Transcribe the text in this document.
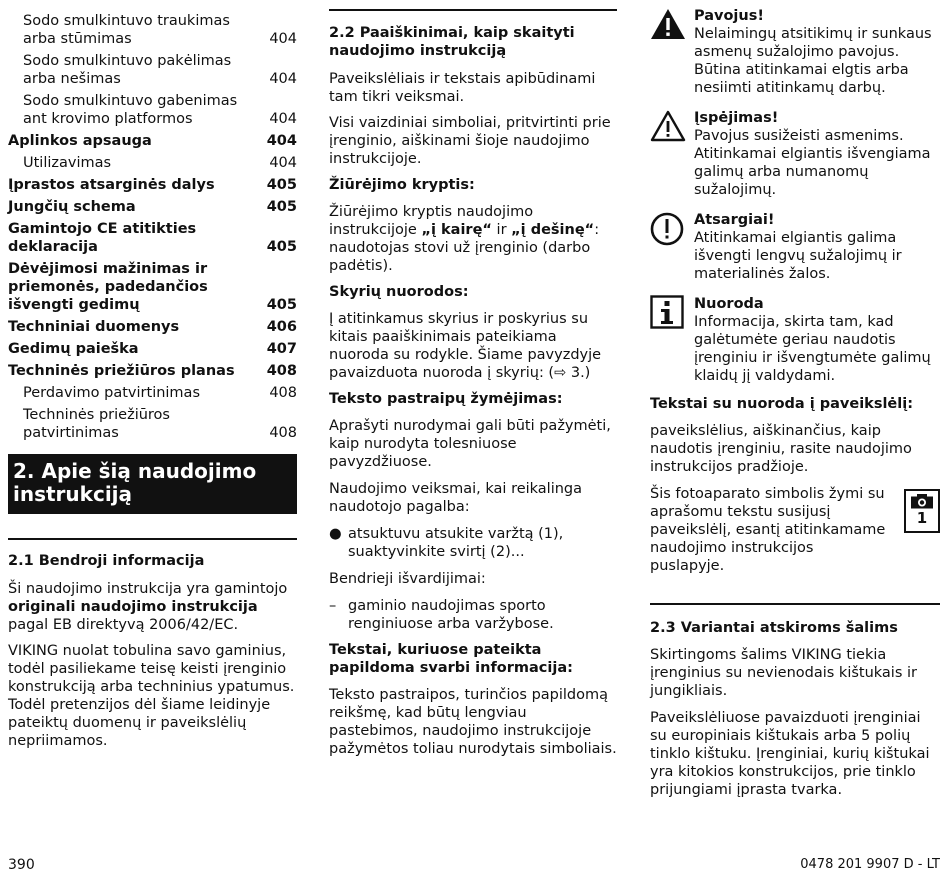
Sodo smulkintuvo traukimas arba stūmimas	404
Sodo smulkintuvo pakėlimas arba nešimas	404
Sodo smulkintuvo gabenimas ant krovimo platformos	404
Aplinkos apsauga	404
Utilizavimas	404
Įprastos atsarginės dalys	405
Jungčių schema	405
Gamintojo CE atitikties deklaracija	405
Dėvėjimosi mažinimas ir priemonės, padedančios išvengti gedimų	405
Techniniai duomenys	406
Gedimų paieška	407
Techninės priežiūros planas	408
Perdavimo patvirtinimas	408
Techninės priežiūros patvirtinimas	408
2. Apie šią naudojimo instrukciją
2.1 Bendroji informacija

Ši naudojimo instrukcija yra gamintojo originali naudojimo instrukcija pagal EB direktyvą 2006/42/EC.

VIKING nuolat tobulina savo gaminius, todėl pasiliekame teisę keisti įrenginio konstrukciją arba techninius ypatumus. Todėl pretenzijos dėl šiame leidinyje pateiktų duomenų ir paveikslėlių nepriimamos.

2.2 Paaiškinimai, kaip skaityti naudojimo instrukciją

Paveikslėliais ir tekstais apibūdinami tam tikri veiksmai.

Visi vaizdiniai simboliai, pritvirtinti prie įrenginio, aiškinami šioje naudojimo instrukcijoje.

Žiūrėjimo kryptis:

Žiūrėjimo kryptis naudojimo instrukcijoje „į kairę“ ir „į dešinę“: naudotojas stovi už įrenginio (darbo padėtis).

Skyrių nuorodos:

Į atitinkamus skyrius ir poskyrius su kitais paaiškinimais pateikiama nuoroda su rodykle. Šiame pavyzdyje pavaizduota nuoroda į skyrių: (⇨ 3.)

Teksto pastraipų žymėjimas:

Aprašyti nurodymai gali būti pažymėti, kaip nurodyta tolesniuose pavyzdžiuose.

Naudojimo veiksmai, kai reikalinga naudotojo pagalba:

● atsuktuvu atsukite varžtą (1), suaktyvinkite svirtį (2)...

Bendrieji išvardijimai:

– gaminio naudojimas sporto renginiuose arba varžybose.
Tekstai, kuriuose pateikta papildoma svarbi informacija:

Teksto pastraipos, turinčios papildomą reikšmę, kad būtų lengviau pastebimos, naudojimo instrukcijoje pažymėtos toliau nurodytais simboliais.

Pavojus!
Nelaimingų atsitikimų ir sunkaus asmenų sužalojimo pavojus. Būtina atitinkamai elgtis arba nesiimti atitinkamų darbų.
Įspėjimas!
Pavojus susižeisti asmenims. Atitinkamai elgiantis išvengiama galimų arba numanomų sužalojimų.
Atsargiai!
Atitinkamai elgiantis galima išvengti lengvų sužalojimų ir materialinės žalos.
Nuoroda
Informacija, skirta tam, kad galėtumėte geriau naudotis įrenginiu ir išvengtumėte galimų klaidų jį valdydami.
Tekstai su nuoroda į paveikslėlį:

paveikslėlius, aiškinančius, kaip naudotis įrenginiu, rasite naudojimo instrukcijos pradžioje.

Šis fotoaparato simbolis žymi su aprašomu tekstu susijusį paveikslėlį, esantį atitinkamame naudojimo instrukcijos puslapyje.

1
2.3 Variantai atskiroms šalims

Skirtingoms šalims VIKING tiekia įrenginius su nevienodais kištukais ir jungikliais.

Paveikslėliuose pavaizduoti įrenginiai su europiniais kištukais arba 5 polių tinklo kištuku. Įrenginiai, kurių kištukai yra kitokios konstrukcijos, prie tinklo prijungiami įprasta tvarka.

390	0478 201 9907 D - LT
